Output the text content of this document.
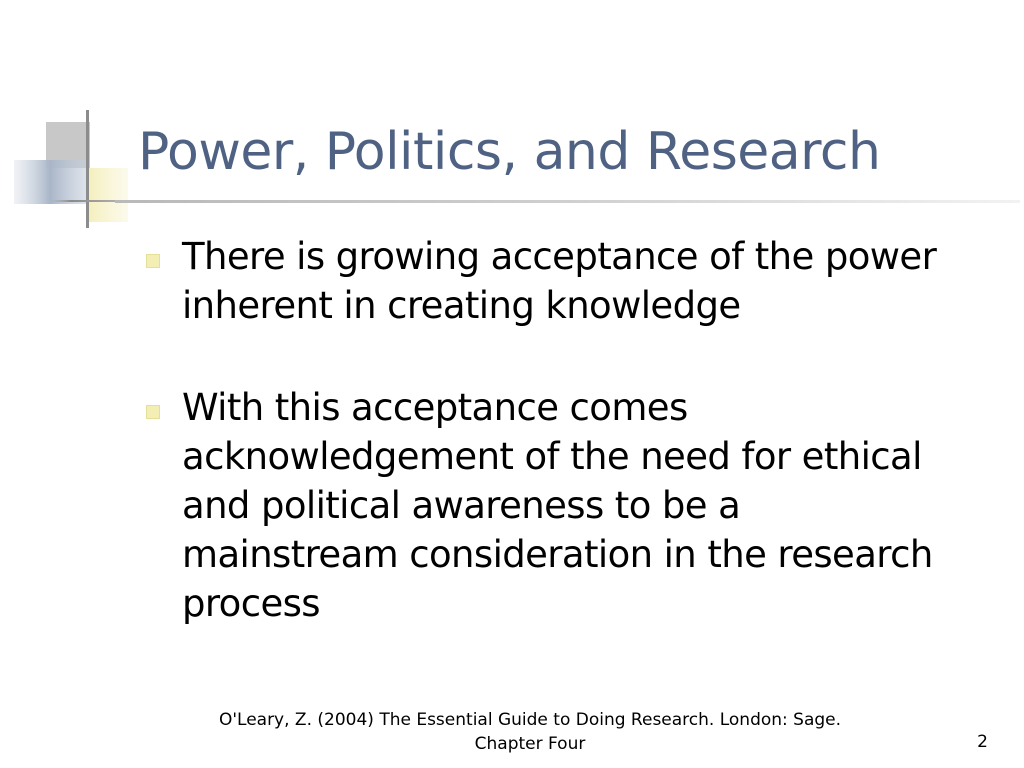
Power, Politics, and Research
There is growing acceptance of the power inherent in creating knowledge
With this acceptance comes acknowledgement of the need for ethical and political awareness to be a mainstream consideration in the research process
O'Leary, Z. (2004) The Essential Guide to Doing Research. London: Sage.
Chapter Four	2
